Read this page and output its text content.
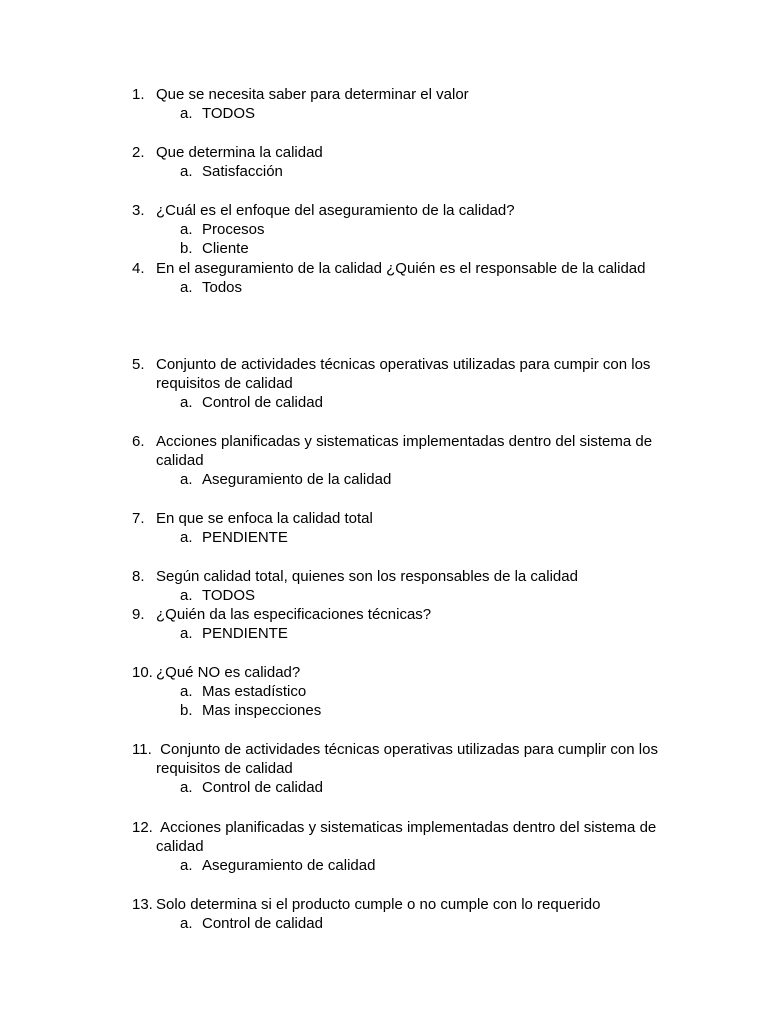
1. Que se necesita saber para determinar el valor
a. TODOS
2. Que determina la calidad
a. Satisfacción
3. ¿Cuál es el enfoque del aseguramiento de la calidad?
a. Procesos
b. Cliente
4. En el aseguramiento de la calidad ¿Quién es el responsable de la calidad
a. Todos
5. Conjunto de actividades técnicas operativas utilizadas para cumpir con los requisitos de calidad
a. Control de calidad
6. Acciones planificadas y sistematicas implementadas dentro del sistema de calidad
a. Aseguramiento de la calidad
7. En que se enfoca la calidad total
a. PENDIENTE
8. Según calidad total, quienes son los responsables de la calidad
a. TODOS
9. ¿Quién da las especificaciones técnicas?
a. PENDIENTE
10. ¿Qué NO es calidad?
a. Mas estadístico
b. Mas inspecciones
11. Conjunto de actividades técnicas operativas utilizadas para cumplir con los requisitos de calidad
a. Control de calidad
12. Acciones planificadas y sistematicas implementadas dentro del sistema de calidad
a. Aseguramiento de calidad
13. Solo determina si el producto cumple o no cumple con lo requerido
a. Control de calidad
